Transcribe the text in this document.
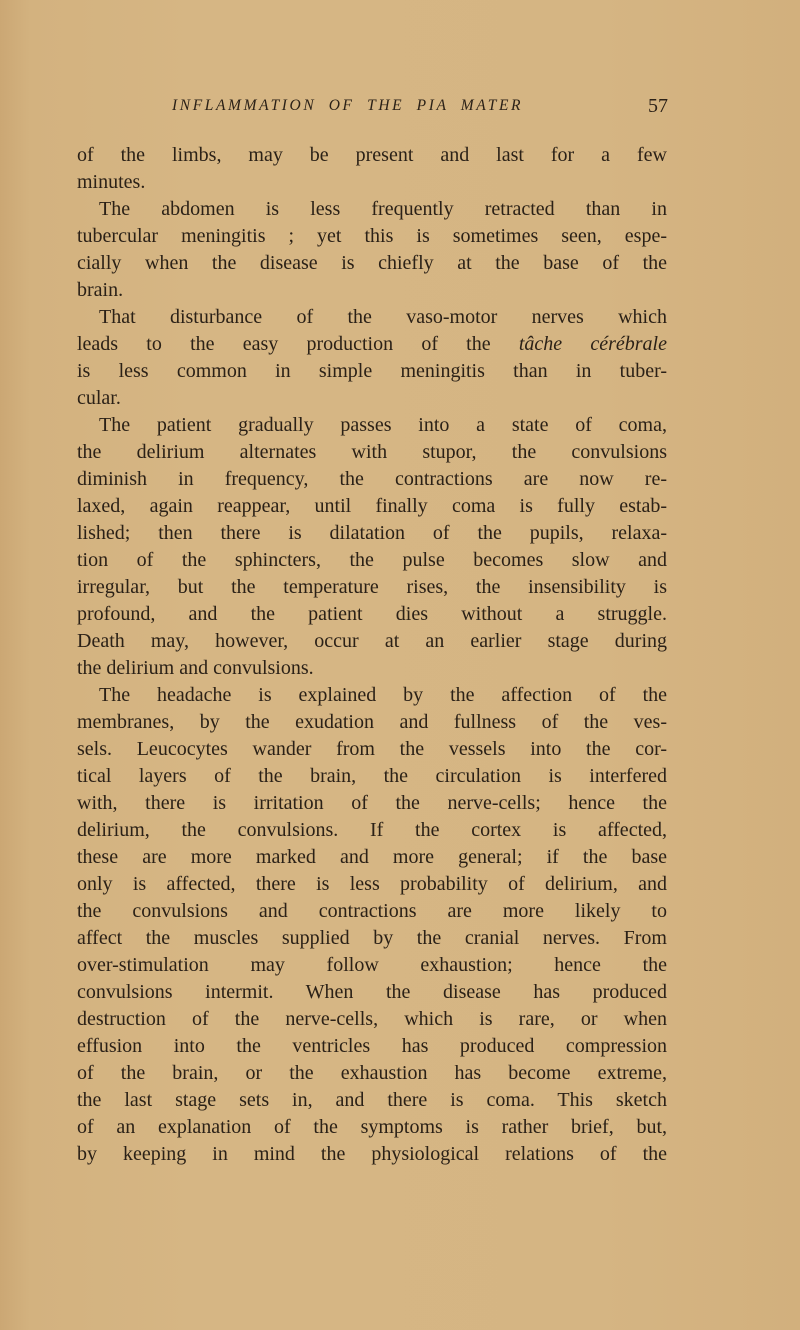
INFLAMMATION OF THE PIA MATER	57
of the limbs, may be present and last for a few
minutes.
The abdomen is less frequently retracted than in
tubercular meningitis ; yet this is sometimes seen, espe-
cially when the disease is chiefly at the base of the
brain.
That disturbance of the vaso-motor nerves which
leads to the easy production of the tâche cérébrale
is less common in simple meningitis than in tuber-
cular.
The patient gradually passes into a state of coma,
the delirium alternates with stupor, the convulsions
diminish in frequency, the contractions are now re-
laxed, again reappear, until finally coma is fully estab-
lished; then there is dilatation of the pupils, relaxa-
tion of the sphincters, the pulse becomes slow and
irregular, but the temperature rises, the insensibility is
profound, and the patient dies without a struggle.
Death may, however, occur at an earlier stage during
the delirium and convulsions.
The headache is explained by the affection of the
membranes, by the exudation and fullness of the ves-
sels. Leucocytes wander from the vessels into the cor-
tical layers of the brain, the circulation is interfered
with, there is irritation of the nerve-cells; hence the
delirium, the convulsions. If the cortex is affected,
these are more marked and more general; if the base
only is affected, there is less probability of delirium, and
the convulsions and contractions are more likely to
affect the muscles supplied by the cranial nerves. From
over-stimulation may follow exhaustion; hence the
convulsions intermit. When the disease has produced
destruction of the nerve-cells, which is rare, or when
effusion into the ventricles has produced compression
of the brain, or the exhaustion has become extreme,
the last stage sets in, and there is coma. This sketch
of an explanation of the symptoms is rather brief, but,
by keeping in mind the physiological relations of the
